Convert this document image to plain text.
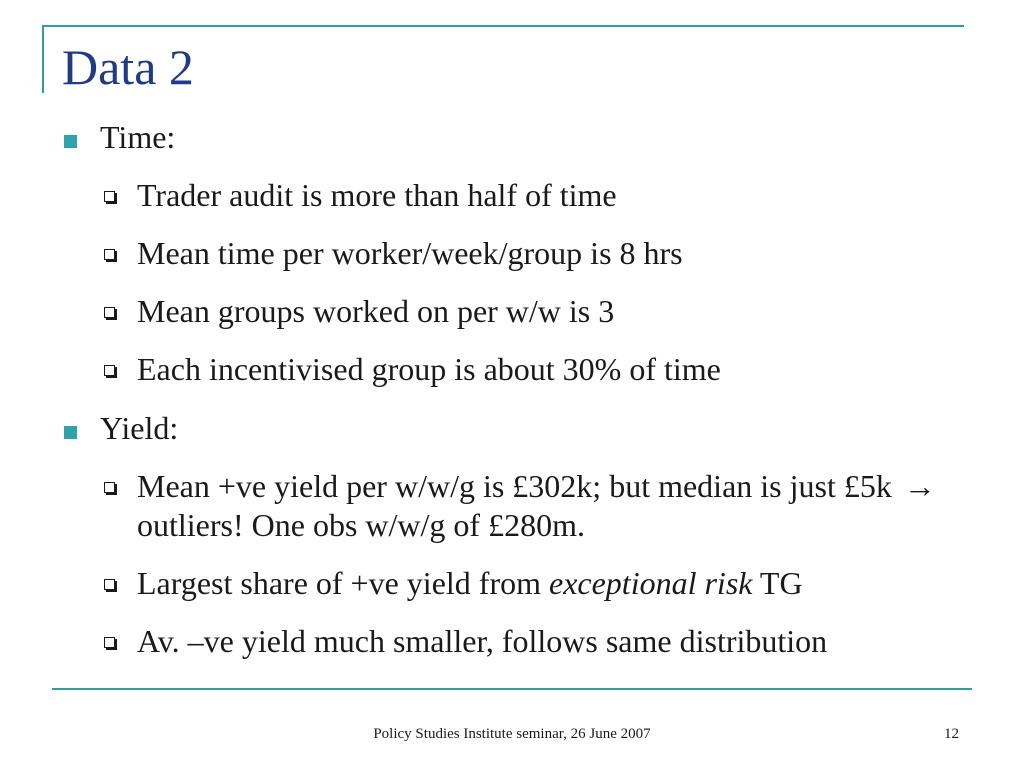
Data 2
Time:
Trader audit is more than half of time
Mean time per worker/week/group is 8 hrs
Mean groups worked on per w/w is 3
Each incentivised group is about 30% of time
Yield:
Mean +ve yield per w/w/g is £302k; but median is just £5k → outliers! One obs w/w/g of £280m.
Largest share of +ve yield from exceptional risk TG
Av. –ve yield much smaller, follows same distribution
Policy Studies Institute seminar, 26 June 2007	12
